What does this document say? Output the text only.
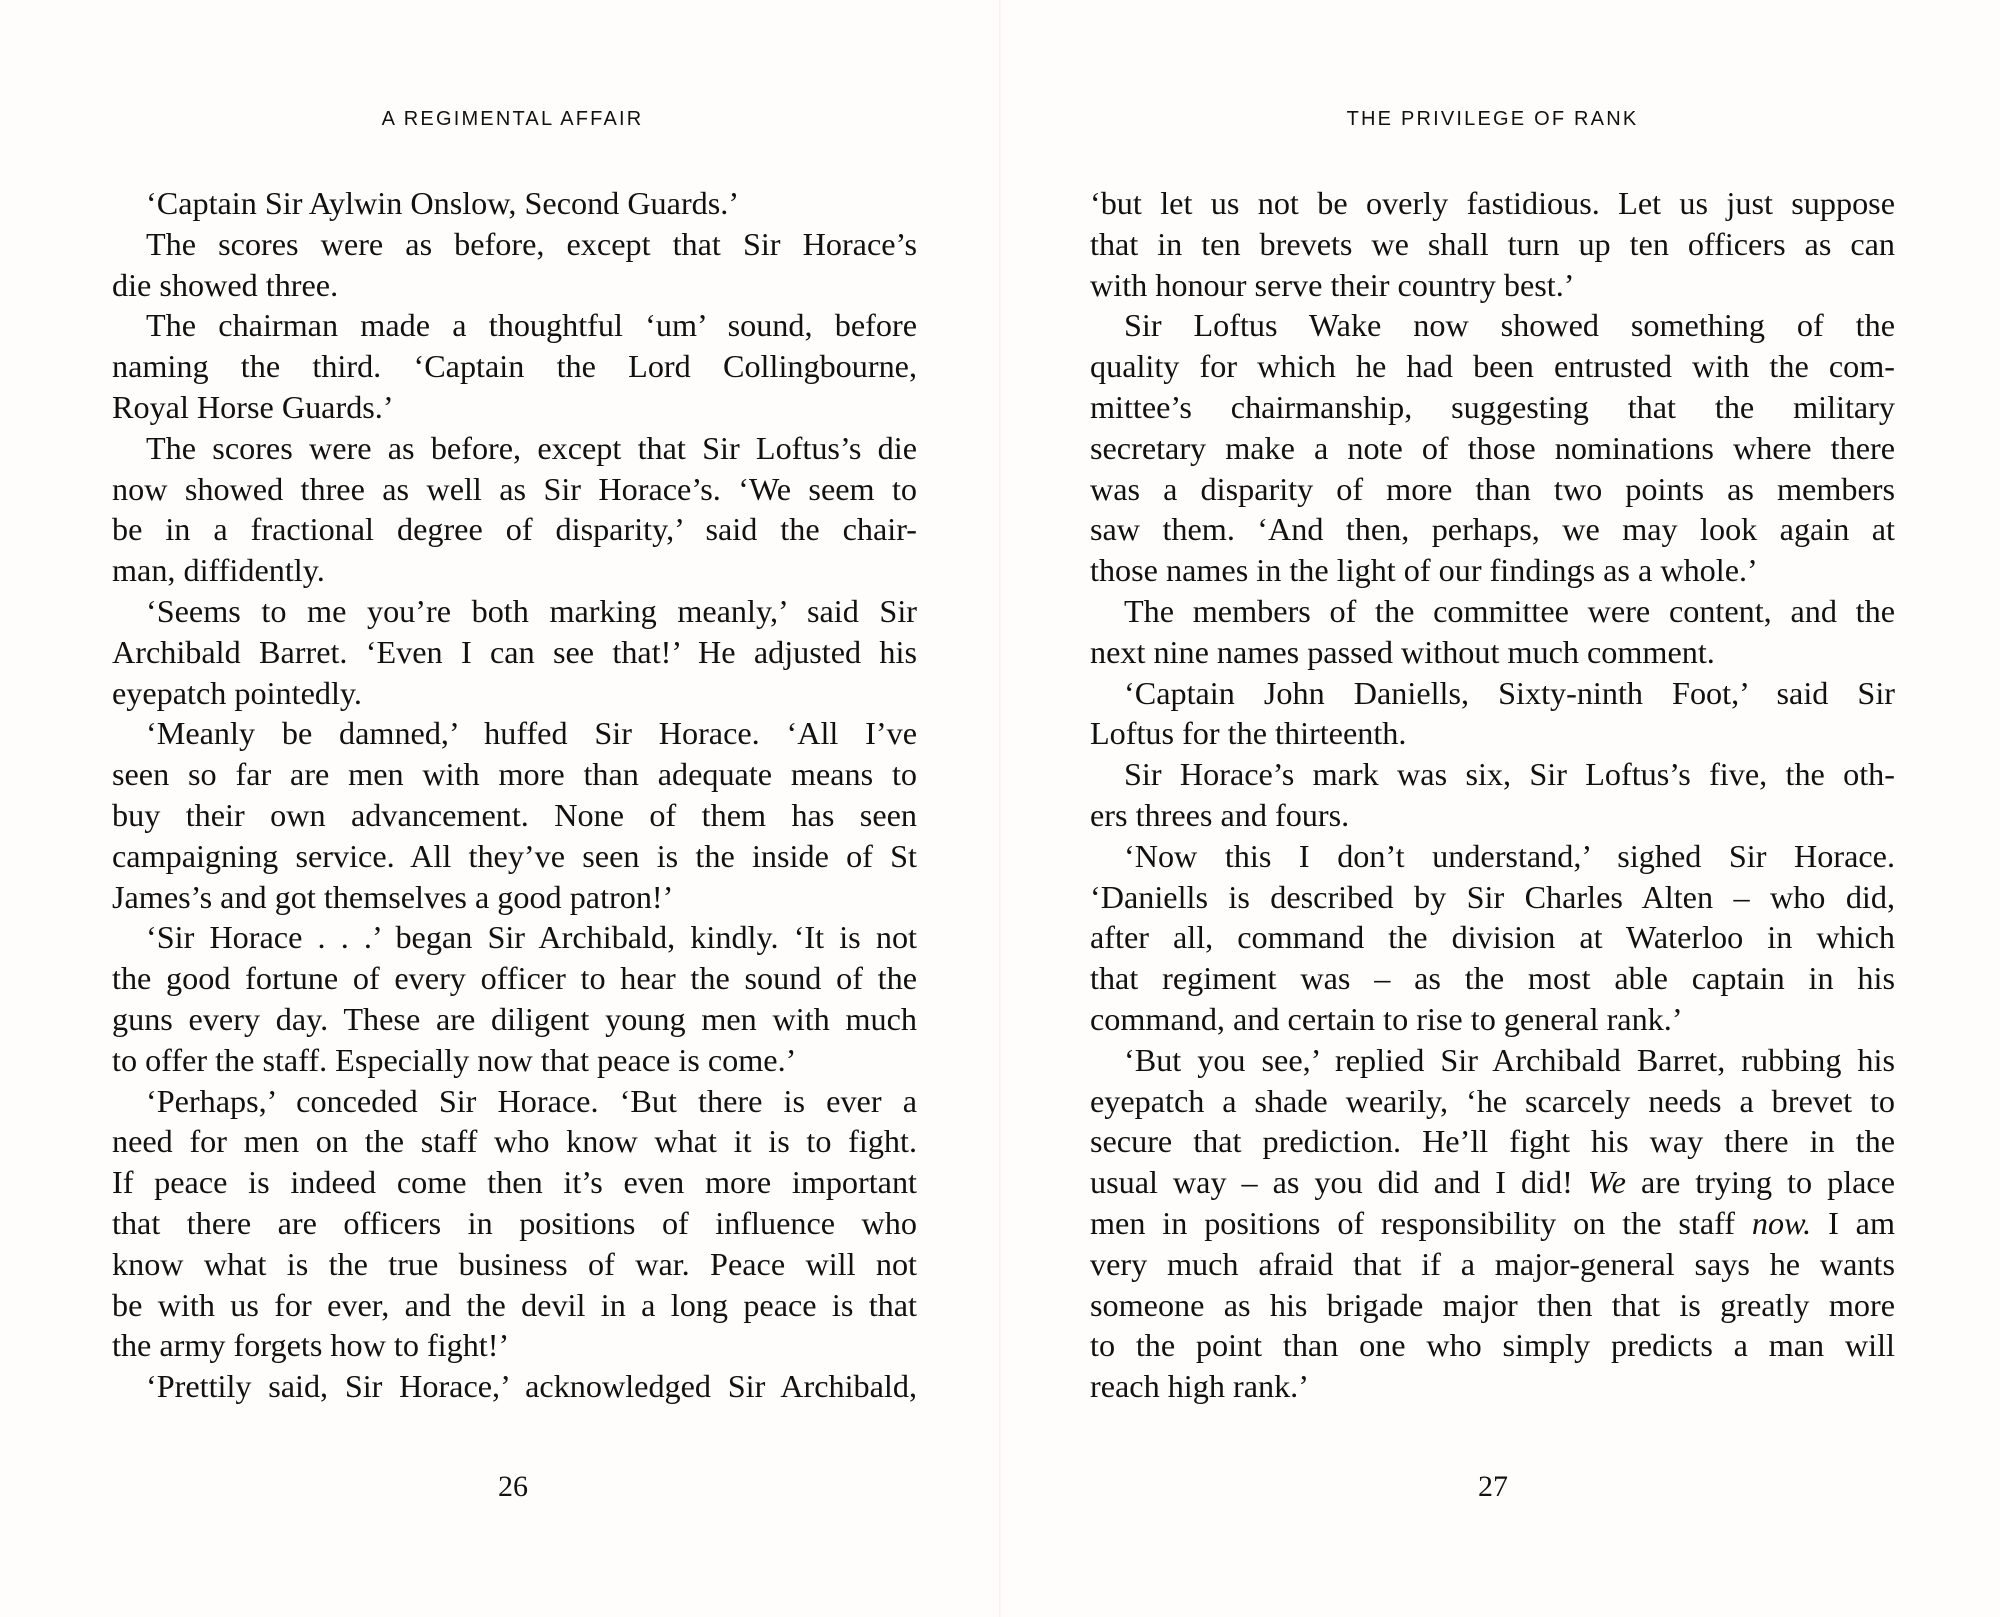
A REGIMENTAL AFFAIR
‘Captain Sir Aylwin Onslow, Second Guards.’
The scores were as before, except that Sir Horace’s
die showed three.
The chairman made a thoughtful ‘um’ sound, before
naming the third. ‘Captain the Lord Collingbourne,
Royal Horse Guards.’
The scores were as before, except that Sir Loftus’s die
now showed three as well as Sir Horace’s. ‘We seem to
be in a fractional degree of disparity,’ said the chair-
man, diffidently.
‘Seems to me you’re both marking meanly,’ said Sir
Archibald Barret. ‘Even I can see that!’ He adjusted his
eyepatch pointedly.
‘Meanly be damned,’ huffed Sir Horace. ‘All I’ve
seen so far are men with more than adequate means to
buy their own advancement. None of them has seen
campaigning service. All they’ve seen is the inside of St
James’s and got themselves a good patron!’
‘Sir Horace . . .’ began Sir Archibald, kindly. ‘It is not
the good fortune of every officer to hear the sound of the
guns every day. These are diligent young men with much
to offer the staff. Especially now that peace is come.’
‘Perhaps,’ conceded Sir Horace. ‘But there is ever a
need for men on the staff who know what it is to fight.
If peace is indeed come then it’s even more important
that there are officers in positions of influence who
know what is the true business of war. Peace will not
be with us for ever, and the devil in a long peace is that
the army forgets how to fight!’
‘Prettily said, Sir Horace,’ acknowledged Sir Archibald,
26
THE PRIVILEGE OF RANK
‘but let us not be overly fastidious. Let us just suppose
that in ten brevets we shall turn up ten officers as can
with honour serve their country best.’
Sir Loftus Wake now showed something of the
quality for which he had been entrusted with the com-
mittee’s chairmanship, suggesting that the military
secretary make a note of those nominations where there
was a disparity of more than two points as members
saw them. ‘And then, perhaps, we may look again at
those names in the light of our findings as a whole.’
The members of the committee were content, and the
next nine names passed without much comment.
‘Captain John Daniells, Sixty-ninth Foot,’ said Sir
Loftus for the thirteenth.
Sir Horace’s mark was six, Sir Loftus’s five, the oth-
ers threes and fours.
‘Now this I don’t understand,’ sighed Sir Horace.
‘Daniells is described by Sir Charles Alten – who did,
after all, command the division at Waterloo in which
that regiment was – as the most able captain in his
command, and certain to rise to general rank.’
‘But you see,’ replied Sir Archibald Barret, rubbing his
eyepatch a shade wearily, ‘he scarcely needs a brevet to
secure that prediction. He’ll fight his way there in the
usual way – as you did and I did! We are trying to place
men in positions of responsibility on the staff now. I am
very much afraid that if a major-general says he wants
someone as his brigade major then that is greatly more
to the point than one who simply predicts a man will
reach high rank.’
27
